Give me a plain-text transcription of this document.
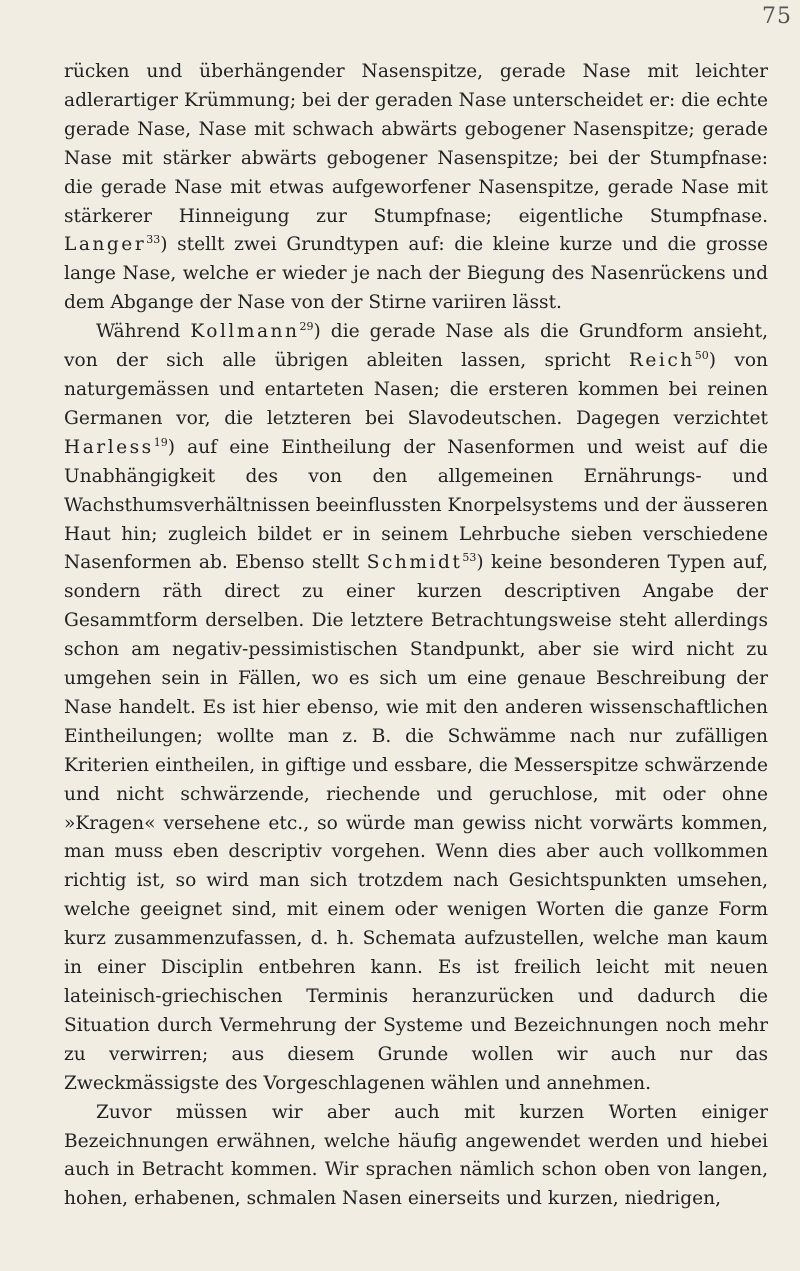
75

rücken und überhängender Nasenspitze, gerade Nase mit leichter adlerartiger Krümmung; bei der geraden Nase unterscheidet er: die echte gerade Nase, Nase mit schwach abwärts gebogener Nasenspitze; gerade Nase mit stärker abwärts gebogener Nasenspitze; bei der Stumpfnase: die gerade Nase mit etwas aufgeworfener Nasenspitze, gerade Nase mit stärkerer Hinneigung zur Stumpfnase; eigentliche Stumpfnase. Langer$^{33}$) stellt zwei Grundtypen auf: die kleine kurze und die grosse lange Nase, welche er wieder je nach der Biegung des Nasenrückens und dem Abgange der Nase von der Stirne variiren lässt.

Während Kollmann$^{29}$) die gerade Nase als die Grundform ansieht, von der sich alle übrigen ableiten lassen, spricht Reich$^{50}$) von naturgemässen und entarteten Nasen; die ersteren kommen bei reinen Germanen vor, die letzteren bei Slavodeutschen. Dagegen verzichtet Harless$^{19}$) auf eine Eintheilung der Nasenformen und weist auf die Unabhängigkeit des von den allgemeinen Ernährungs- und Wachsthumsverhältnissen beeinflussten Knorpelsystems und der äusseren Haut hin; zugleich bildet er in seinem Lehrbuche sieben verschiedene Nasenformen ab. Ebenso stellt Schmidt$^{53}$) keine besonderen Typen auf, sondern räth direct zu einer kurzen descriptiven Angabe der Gesammtform derselben. Die letztere Betrachtungsweise steht allerdings schon am negativ-pessimistischen Standpunkt, aber sie wird nicht zu umgehen sein in Fällen, wo es sich um eine genaue Beschreibung der Nase handelt. Es ist hier ebenso, wie mit den anderen wissenschaftlichen Eintheilungen; wollte man z. B. die Schwämme nach nur zufälligen Kriterien eintheilen, in giftige und essbare, die Messerspitze schwärzende und nicht schwärzende, riechende und geruchlose, mit oder ohne »Kragen« versehene etc., so würde man gewiss nicht vorwärts kommen, man muss eben descriptiv vorgehen. Wenn dies aber auch vollkommen richtig ist, so wird man sich trotzdem nach Gesichtspunkten umsehen, welche geeignet sind, mit einem oder wenigen Worten die ganze Form kurz zusammenzufassen, d. h. Schemata aufzustellen, welche man kaum in einer Disciplin entbehren kann. Es ist freilich leicht mit neuen lateinisch-griechischen Terminis heranzurücken und dadurch die Situation durch Vermehrung der Systeme und Bezeichnungen noch mehr zu verwirren; aus diesem Grunde wollen wir auch nur das Zweckmässigste des Vorgeschlagenen wählen und annehmen.

Zuvor müssen wir aber auch mit kurzen Worten einiger Bezeichnungen erwähnen, welche häufig angewendet werden und hiebei auch in Betracht kommen. Wir sprachen nämlich schon oben von langen, hohen, erhabenen, schmalen Nasen einerseits und kurzen, niedrigen,
